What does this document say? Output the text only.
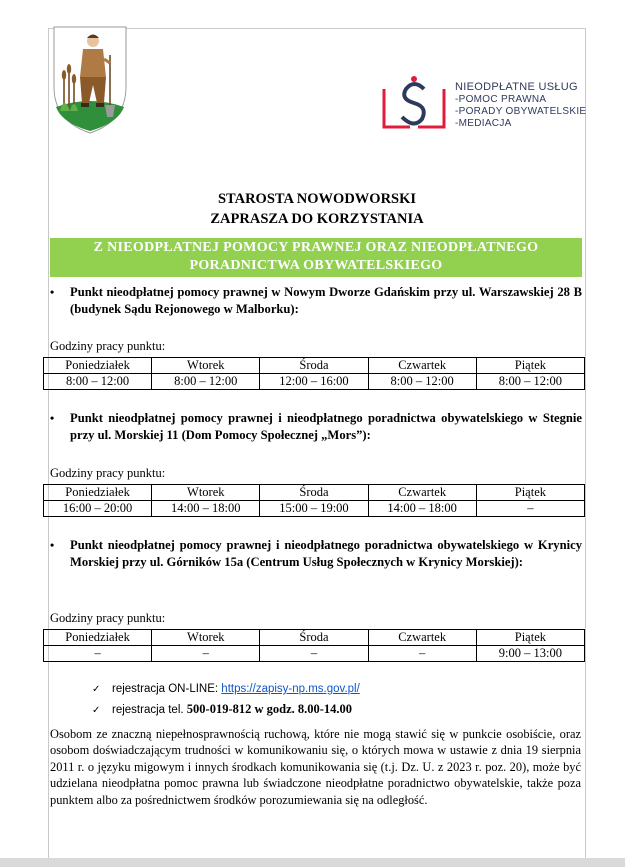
NIEODPŁATNE USŁUG
-POMOC PRAWNA
-PORADY OBYWATELSKIE
-MEDIACJA
STAROSTA NOWODWORSKI
ZAPRASZA DO KORZYSTANIA
Z NIEODPŁATNEJ POMOCY PRAWNEJ ORAZ NIEODPŁATNEGO
PORADNICTWA OBYWATELSKIEGO
• Punkt nieodpłatnej pomocy prawnej w Nowym Dworze Gdańskim przy ul. Warszawskiej 28 B (budynek Sądu Rejonowego w Malborku):
Godziny pracy punktu:
Poniedziałek	Wtorek	Środa	Czwartek	Piątek
8:00 – 12:00	8:00 – 12:00	12:00 – 16:00	8:00 – 12:00	8:00 – 12:00
• Punkt nieodpłatnej pomocy prawnej i nieodpłatnego poradnictwa obywatelskiego w Stegnie przy ul. Morskiej 11 (Dom Pomocy Społecznej „Mors”):
Godziny pracy punktu:
Poniedziałek	Wtorek	Środa	Czwartek	Piątek
16:00 – 20:00	14:00 – 18:00	15:00 – 19:00	14:00 – 18:00	–
• Punkt nieodpłatnej pomocy prawnej i nieodpłatnego poradnictwa obywatelskiego w Krynicy Morskiej przy ul. Górników 15a (Centrum Usług Społecznych w Krynicy Morskiej):
Godziny pracy punktu:
Poniedziałek	Wtorek	Środa	Czwartek	Piątek
–	–	–	–	9:00 – 13:00
✓ rejestracja ON-LINE: https://zapisy-np.ms.gov.pl/
✓ rejestracja tel. 500-019-812 w godz. 8.00-14.00
Osobom ze znaczną niepełnosprawnością ruchową, które nie mogą stawić się w punkcie osobiście, oraz osobom doświadczającym trudności w komunikowaniu się, o których mowa w ustawie z dnia 19 sierpnia 2011 r. o języku migowym i innych środkach komunikowania się (t.j. Dz. U. z 2023 r. poz. 20), może być udzielana nieodpłatna pomoc prawna lub świadczone nieodpłatne poradnictwo obywatelskie, także poza punktem albo za pośrednictwem środków porozumiewania się na odległość.
